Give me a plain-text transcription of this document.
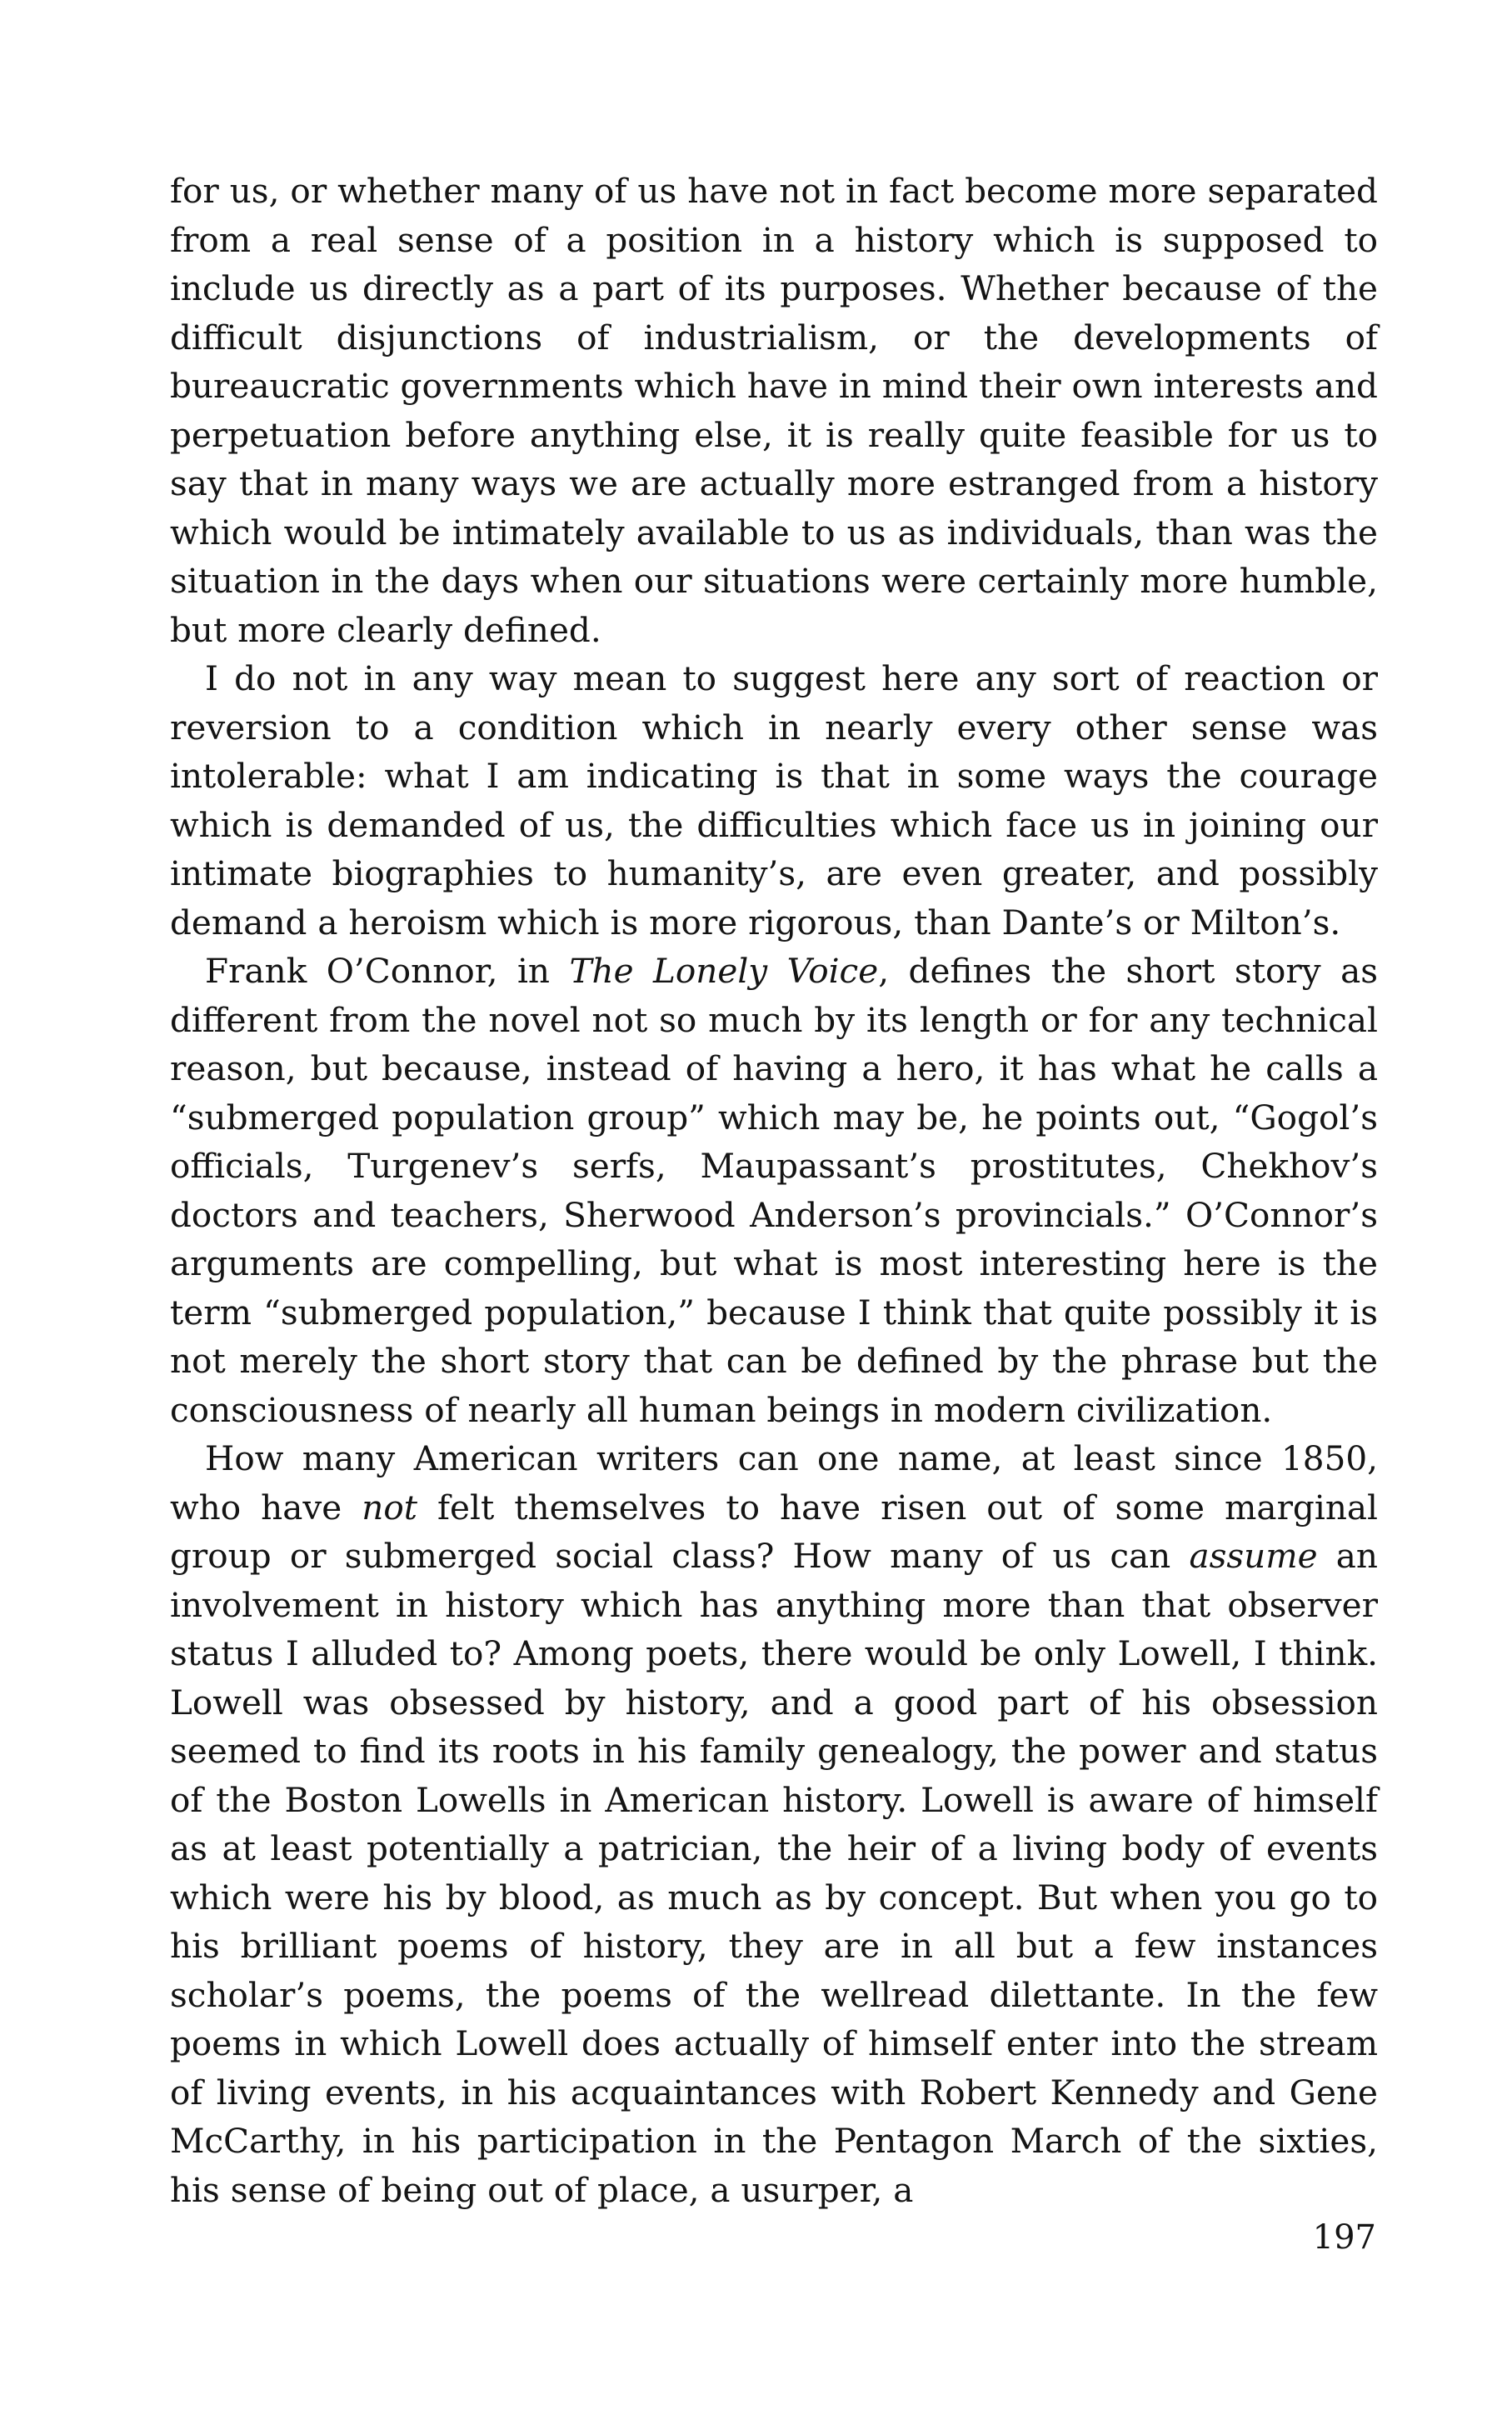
for us, or whether many of us have not in fact become more separated from a real sense of a position in a history which is supposed to include us directly as a part of its purposes. Whether because of the difficult disjunctions of industrialism, or the developments of bureaucratic governments which have in mind their own interests and perpetuation before anything else, it is really quite feasible for us to say that in many ways we are actually more estranged from a history which would be intimately available to us as individuals, than was the situation in the days when our situations were certainly more humble, but more clearly defined.

I do not in any way mean to suggest here any sort of reaction or reversion to a condition which in nearly every other sense was intolerable: what I am indicating is that in some ways the courage which is demanded of us, the difficulties which face us in joining our intimate biographies to humanity’s, are even greater, and possibly demand a heroism which is more rigorous, than Dante’s or Milton’s.

Frank O’Connor, in The Lonely Voice, defines the short story as different from the novel not so much by its length or for any technical reason, but because, instead of having a hero, it has what he calls a “submerged population group” which may be, he points out, “Gogol’s officials, Turgenev’s serfs, Maupassant’s prostitutes, Chekhov’s doctors and teachers, Sherwood Anderson’s provincials.” O’Connor’s arguments are compelling, but what is most interesting here is the term “submerged population,” because I think that quite possibly it is not merely the short story that can be defined by the phrase but the consciousness of nearly all human beings in modern civilization.

How many American writers can one name, at least since 1850, who have not felt themselves to have risen out of some marginal group or submerged social class? How many of us can assume an involvement in history which has anything more than that observer status I alluded to? Among poets, there would be only Lowell, I think. Lowell was obsessed by history, and a good part of his obsession seemed to find its roots in his family genealogy, the power and status of the Boston Lowells in American history. Lowell is aware of himself as at least potentially a patrician, the heir of a living body of events which were his by blood, as much as by concept. But when you go to his brilliant poems of history, they are in all but a few instances scholar’s poems, the poems of the wellread dilettante. In the few poems in which Lowell does actually of himself enter into the stream of living events, in his acquaintances with Robert Kennedy and Gene McCarthy, in his participation in the Pentagon March of the sixties, his sense of being out of place, a usurper, a

197
